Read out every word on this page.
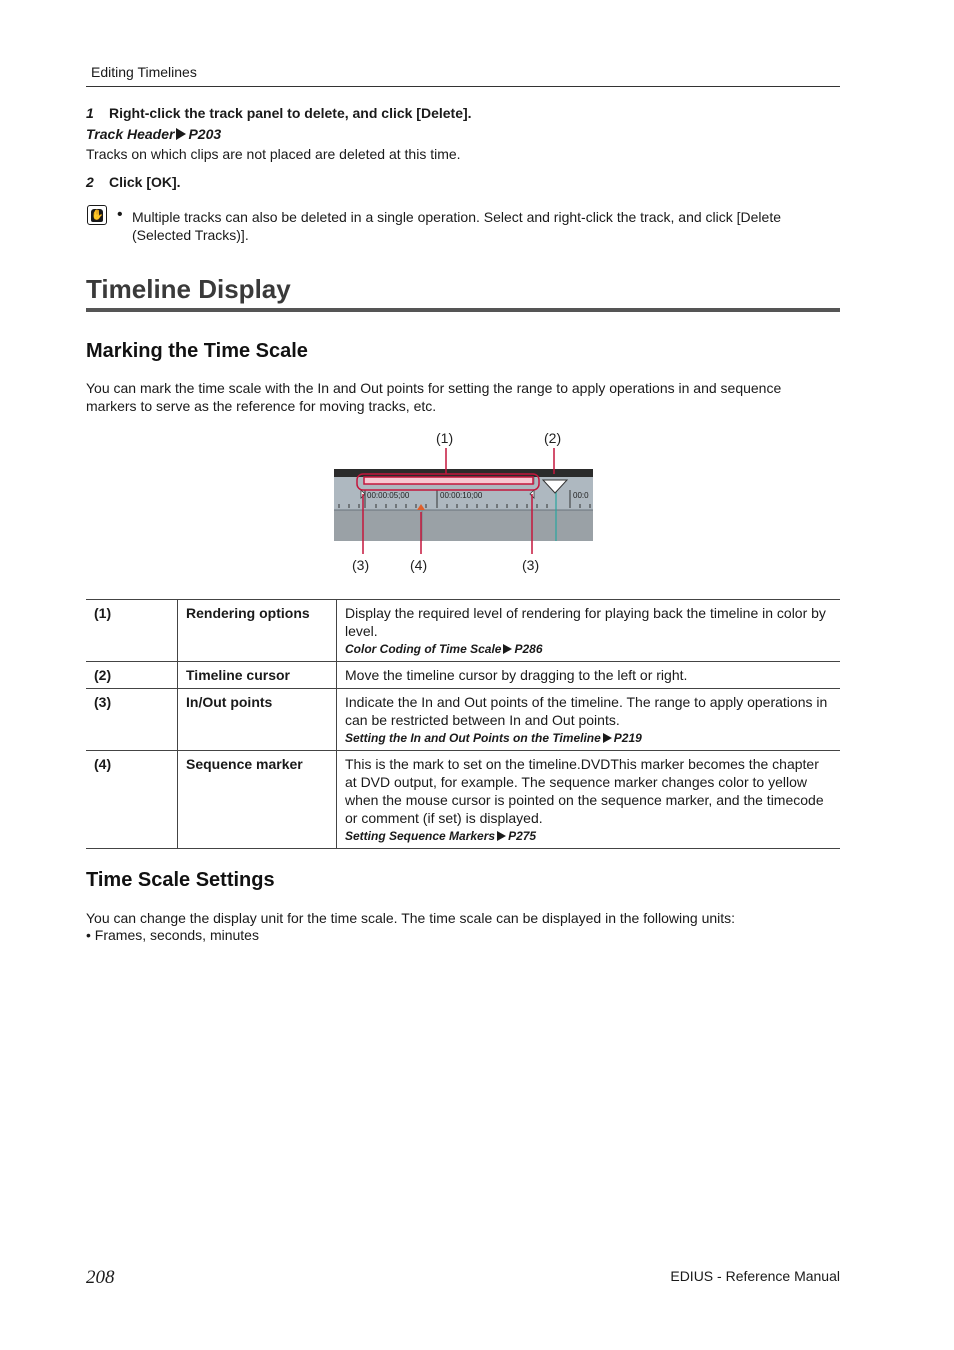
Editing Timelines
1 Right-click the track panel to delete, and click [Delete].
Track Header P203
Tracks on which clips are not placed are deleted at this time.
2 Click [OK].
✋ • Multiple tracks can also be deleted in a single operation. Select and right-click the track, and click [Delete (Selected Tracks)].
Timeline Display
Marking the Time Scale
You can mark the time scale with the In and Out points for setting the range to apply operations in and sequence markers to serve as the reference for moving tracks, etc.
00:00:05;00	00:00:10;00	00:0
(1)	(2)
(3)	(4)	(3)
(1)	Rendering options	Display the required level of rendering for playing back the timeline in color by level.
Color Coding of Time Scale P286

(2)	Timeline cursor	Move the timeline cursor by dragging to the left or right.

(3)	In/Out points	Indicate the In and Out points of the timeline. The range to apply operations in can be restricted between In and Out points.
Setting the In and Out Points on the Timeline P219

(4)	Sequence marker	This is the mark to set on the timeline.DVDThis marker becomes the chapter at DVD output, for example. The sequence marker changes color to yellow when the mouse cursor is pointed on the sequence marker, and the timecode or comment (if set) is displayed.
Setting Sequence Markers P275
Time Scale Settings
You can change the display unit for the time scale. The time scale can be displayed in the following units:
• Frames, seconds, minutes
208	EDIUS - Reference Manual
